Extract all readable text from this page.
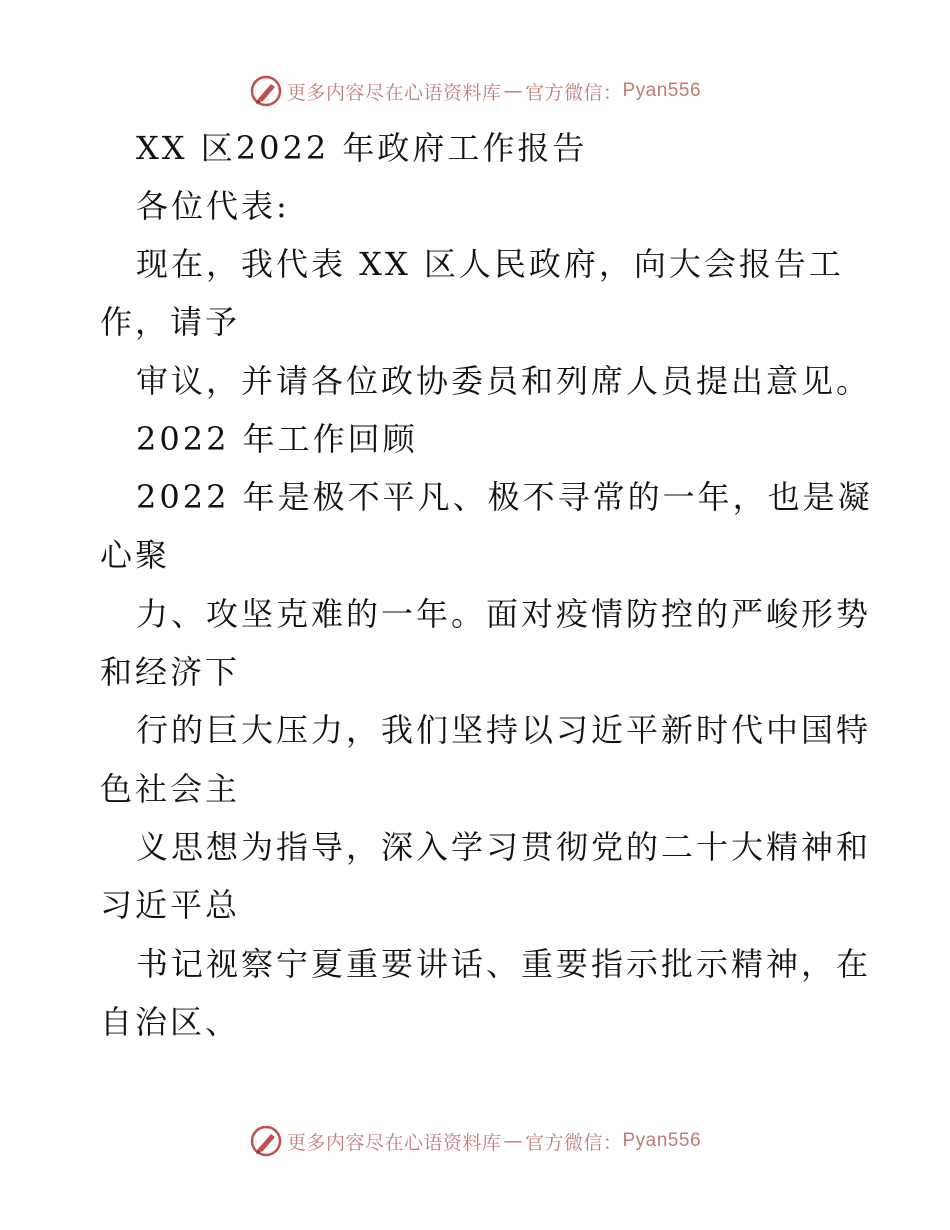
更多内容尽在心语资料库 — 官方微信： Pyan556
XX 区2022 年政府工作报告
各位代表:
现在，我代表 XX 区人民政府，向大会报告工
作，请予
审议，并请各位政协委员和列席人员提出意见。
2022 年工作回顾
2022 年是极不平凡、极不寻常的一年，也是凝
心聚
力、攻坚克难的一年。面对疫情防控的严峻形势
和经济下
行的巨大压力，我们坚持以习近平新时代中国特
色社会主
义思想为指导，深入学习贯彻党的二十大精神和
习近平总
书记视察宁夏重要讲话、重要指示批示精神，在
自治区、
更多内容尽在心语资料库 — 官方微信： Pyan556
